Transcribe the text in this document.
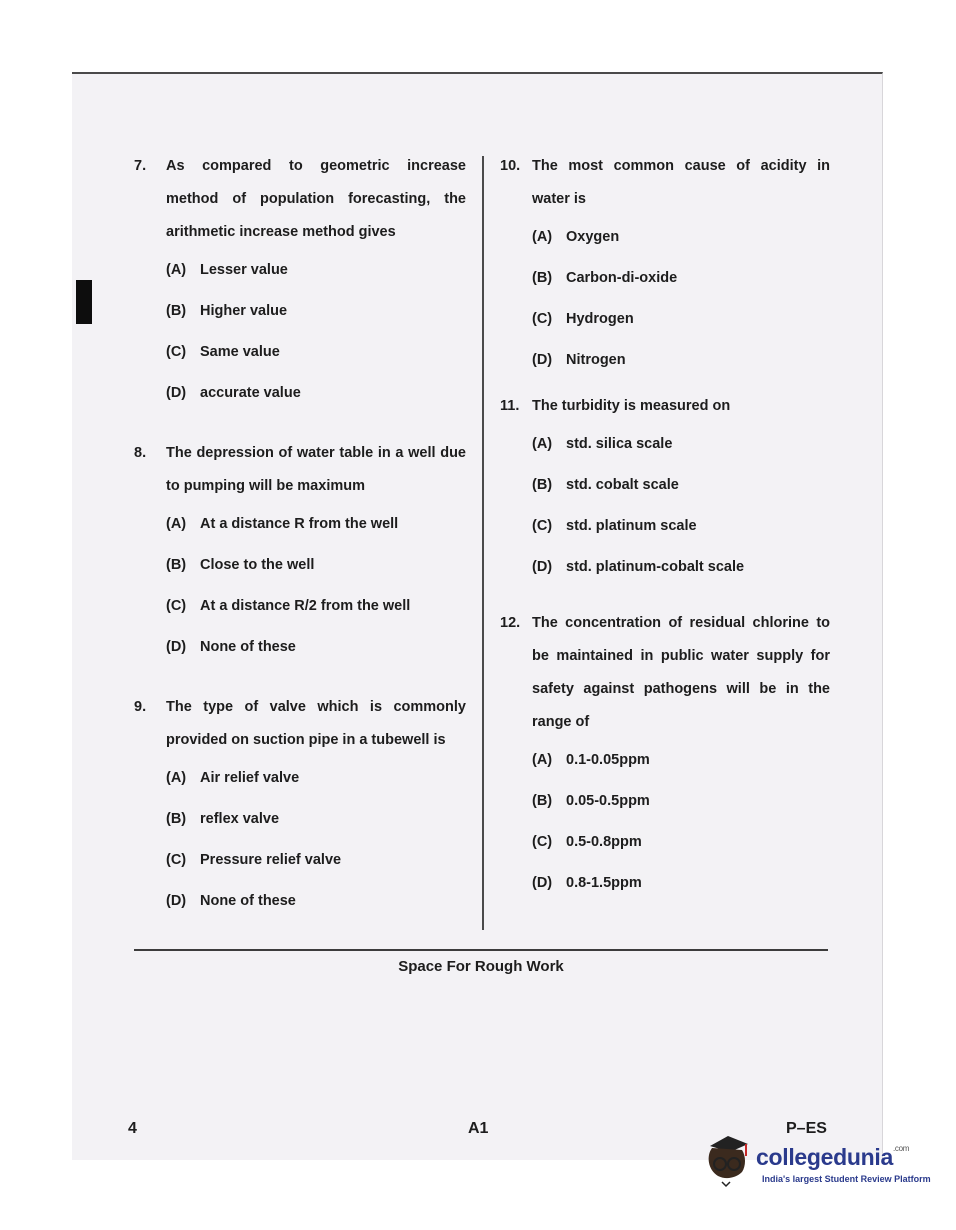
7.	As compared to geometric increase method of population forecasting, the arithmetic increase method gives
(A) Lesser value
(B) Higher value
(C) Same value
(D) accurate value
8.	The depression of water table in a well due to pumping will be maximum
(A) At a distance R from the well
(B) Close to the well
(C) At a distance R/2 from the well
(D) None of these
9.	The type of valve which is commonly provided on suction pipe in a tubewell is
(A) Air relief valve
(B) reflex valve
(C) Pressure relief valve
(D) None of these
10. The most common cause of acidity in water is
(A) Oxygen
(B) Carbon-di-oxide
(C) Hydrogen
(D) Nitrogen
11. The turbidity is measured on
(A) std. silica scale
(B) std. cobalt scale
(C) std. platinum scale
(D) std. platinum-cobalt scale
12. The concentration of residual chlorine to be maintained in public water supply for safety against pathogens will be in the range of
(A) 0.1-0.05ppm
(B) 0.05-0.5ppm
(C) 0.5-0.8ppm
(D) 0.8-1.5ppm
Space For Rough Work
4	A1	P–ES
collegedunia$^{.com}$
India's largest Student Review Platform
